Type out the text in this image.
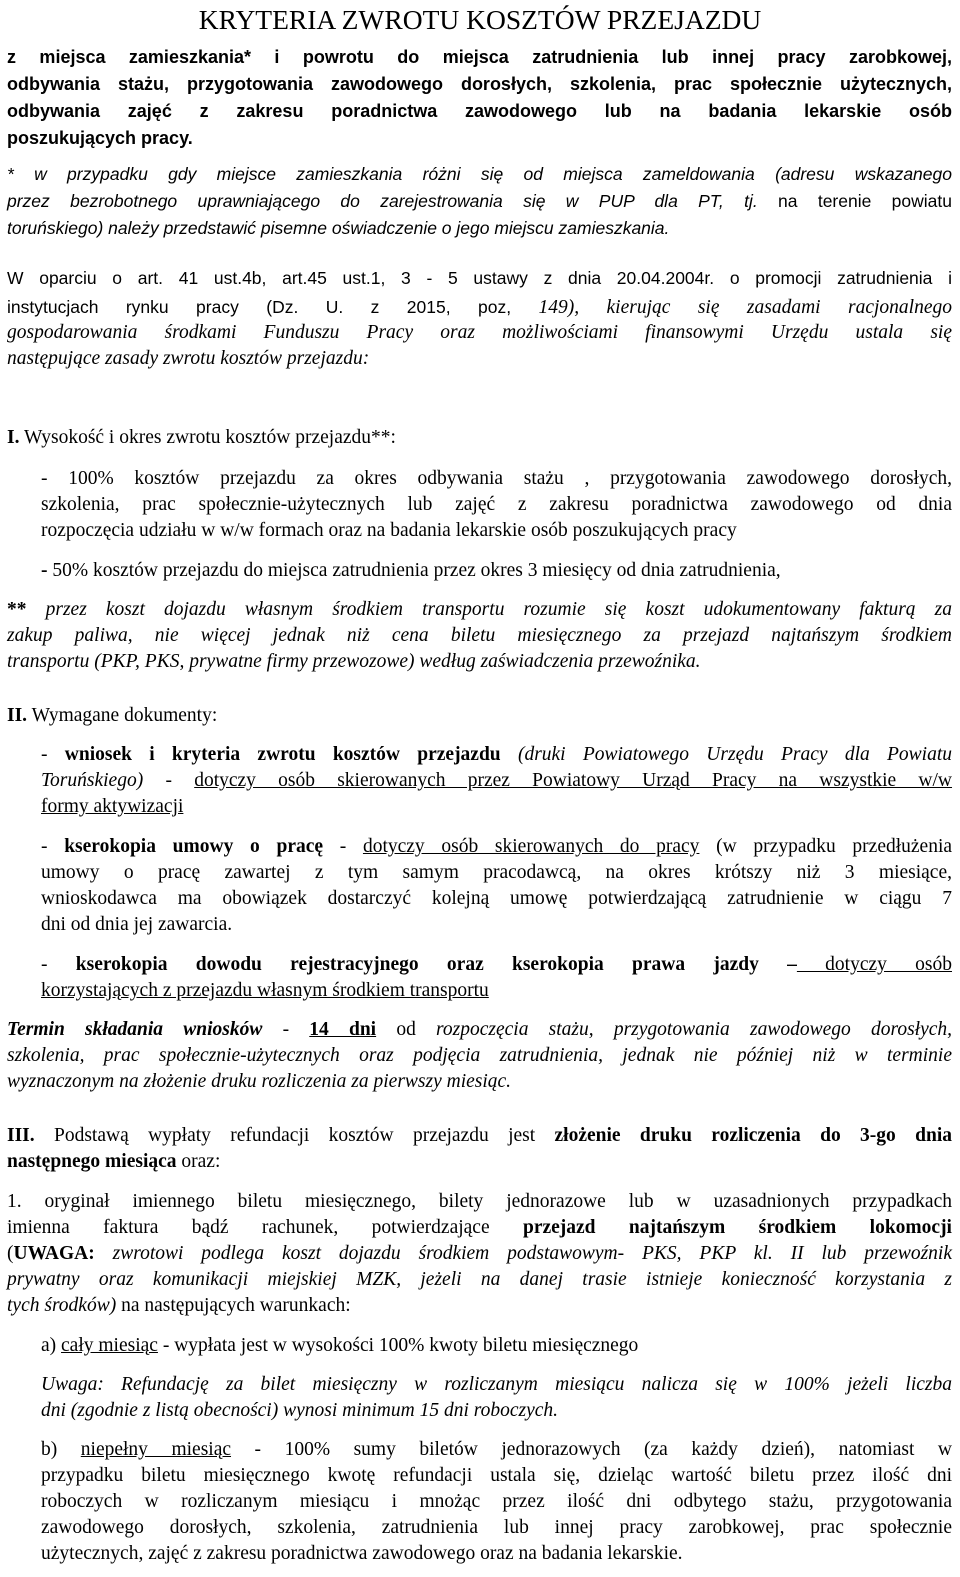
KRYTERIA ZWROTU KOSZTÓW PRZEJAZDU
z miejsca zamieszkania* i powrotu do miejsca zatrudnienia lub innej pracy zarobkowej,
odbywania stażu, przygotowania zawodowego dorosłych, szkolenia, prac społecznie użytecznych,
odbywania zajęć z zakresu poradnictwa zawodowego lub na badania lekarskie osób
poszukujących pracy.
* w przypadku gdy miejsce zamieszkania różni się od miejsca zameldowania (adresu wskazanego
przez bezrobotnego uprawniającego do zarejestrowania się w PUP dla PT, tj. na terenie powiatu
toruńskiego) należy przedstawić pisemne oświadczenie o jego miejscu zamieszkania.
W oparciu o art. 41 ust.4b, art.45 ust.1, 3 - 5 ustawy z dnia 20.04.2004r. o promocji zatrudnienia i
instytucjach rynku pracy (Dz. U. z 2015, poz, 149), kierując się zasadami racjonalnego
gospodarowania środkami Funduszu Pracy oraz możliwościami finansowymi Urzędu ustala się
następujące zasady zwrotu kosztów przejazdu:
I. Wysokość i okres zwrotu kosztów przejazdu**:
- 100% kosztów przejazdu za okres odbywania stażu , przygotowania zawodowego dorosłych,
szkolenia, prac społecznie-użytecznych lub zajęć z zakresu poradnictwa zawodowego od dnia
rozpoczęcia udziału w w/w formach oraz na badania lekarskie osób poszukujących pracy
- 50% kosztów przejazdu do miejsca zatrudnienia przez okres 3 miesięcy od dnia zatrudnienia,
** przez koszt dojazdu własnym środkiem transportu rozumie się koszt udokumentowany fakturą za
zakup paliwa, nie więcej jednak niż cena biletu miesięcznego za przejazd najtańszym środkiem
transportu (PKP, PKS, prywatne firmy przewozowe) według zaświadczenia przewoźnika.
II. Wymagane dokumenty:
- wniosek i kryteria zwrotu kosztów przejazdu (druki Powiatowego Urzędu Pracy dla Powiatu
Toruńskiego) - dotyczy osób skierowanych przez Powiatowy Urząd Pracy na wszystkie w/w
formy aktywizacji
- kserokopia umowy o pracę - dotyczy osób skierowanych do pracy (w przypadku przedłużenia
umowy o pracę zawartej z tym samym pracodawcą, na okres krótszy niż 3 miesiące,
wnioskodawca ma obowiązek dostarczyć kolejną umowę potwierdzającą zatrudnienie w ciągu 7
dni od dnia jej zawarcia.
- kserokopia dowodu rejestracyjnego oraz kserokopia prawa jazdy – dotyczy osób
korzystających z przejazdu własnym środkiem transportu
Termin składania wniosków - 14 dni od rozpoczęcia stażu, przygotowania zawodowego dorosłych,
szkolenia, prac społecznie-użytecznych oraz podjęcia zatrudnienia, jednak nie później niż w terminie
wyznaczonym na złożenie druku rozliczenia za pierwszy miesiąc.
III. Podstawą wypłaty refundacji kosztów przejazdu jest złożenie druku rozliczenia do 3-go dnia
następnego miesiąca oraz:
1. oryginał imiennego biletu miesięcznego, bilety jednorazowe lub w uzasadnionych przypadkach
imienna faktura bądź rachunek, potwierdzające przejazd najtańszym środkiem lokomocji
(UWAGA: zwrotowi podlega koszt dojazdu środkiem podstawowym- PKS, PKP kl. II lub przewoźnik
prywatny oraz komunikacji miejskiej MZK, jeżeli na danej trasie istnieje konieczność korzystania z
tych środków) na następujących warunkach:
a) cały miesiąc - wypłata jest w wysokości 100% kwoty biletu miesięcznego
Uwaga: Refundację za bilet miesięczny w rozliczanym miesiącu nalicza się w 100% jeżeli liczba
dni (zgodnie z listą obecności) wynosi minimum 15 dni roboczych.
b) niepełny miesiąc - 100% sumy biletów jednorazowych (za każdy dzień), natomiast w
przypadku biletu miesięcznego kwotę refundacji ustala się, dzieląc wartość biletu przez ilość dni
roboczych w rozliczanym miesiącu i mnożąc przez ilość dni odbytego stażu, przygotowania
zawodowego dorosłych, szkolenia, zatrudnienia lub innej pracy zarobkowej, prac społecznie
użytecznych, zajęć z zakresu poradnictwa zawodowego oraz na badania lekarskie.
